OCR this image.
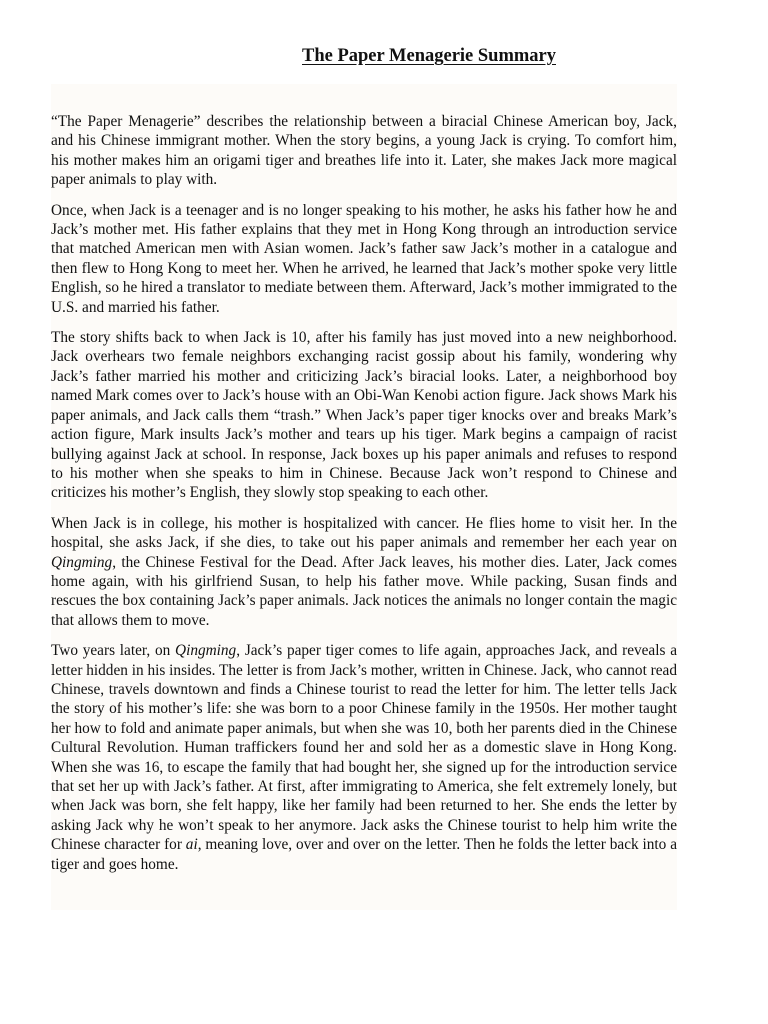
The Paper Menagerie Summary

“The Paper Menagerie” describes the relationship between a biracial Chinese American boy, Jack, and his Chinese immigrant mother. When the story begins, a young Jack is crying. To comfort him, his mother makes him an origami tiger and breathes life into it. Later, she makes Jack more magical paper animals to play with.

Once, when Jack is a teenager and is no longer speaking to his mother, he asks his father how he and Jack’s mother met. His father explains that they met in Hong Kong through an introduction service that matched American men with Asian women. Jack’s father saw Jack’s mother in a catalogue and then flew to Hong Kong to meet her. When he arrived, he learned that Jack’s mother spoke very little English, so he hired a translator to mediate between them. Afterward, Jack’s mother immigrated to the U.S. and married his father.

The story shifts back to when Jack is 10, after his family has just moved into a new neighborhood. Jack overhears two female neighbors exchanging racist gossip about his family, wondering why Jack’s father married his mother and criticizing Jack’s biracial looks. Later, a neighborhood boy named Mark comes over to Jack’s house with an Obi-Wan Kenobi action figure. Jack shows Mark his paper animals, and Jack calls them “trash.” When Jack’s paper tiger knocks over and breaks Mark’s action figure, Mark insults Jack’s mother and tears up his tiger. Mark begins a campaign of racist bullying against Jack at school. In response, Jack boxes up his paper animals and refuses to respond to his mother when she speaks to him in Chinese. Because Jack won’t respond to Chinese and criticizes his mother’s English, they slowly stop speaking to each other.

When Jack is in college, his mother is hospitalized with cancer. He flies home to visit her. In the hospital, she asks Jack, if she dies, to take out his paper animals and remember her each year on Qingming, the Chinese Festival for the Dead. After Jack leaves, his mother dies. Later, Jack comes home again, with his girlfriend Susan, to help his father move. While packing, Susan finds and rescues the box containing Jack’s paper animals. Jack notices the animals no longer contain the magic that allows them to move.

Two years later, on Qingming, Jack’s paper tiger comes to life again, approaches Jack, and reveals a letter hidden in his insides. The letter is from Jack’s mother, written in Chinese. Jack, who cannot read Chinese, travels downtown and finds a Chinese tourist to read the letter for him. The letter tells Jack the story of his mother’s life: she was born to a poor Chinese family in the 1950s. Her mother taught her how to fold and animate paper animals, but when she was 10, both her parents died in the Chinese Cultural Revolution. Human traffickers found her and sold her as a domestic slave in Hong Kong. When she was 16, to escape the family that had bought her, she signed up for the introduction service that set her up with Jack’s father. At first, after immigrating to America, she felt extremely lonely, but when Jack was born, she felt happy, like her family had been returned to her. She ends the letter by asking Jack why he won’t speak to her anymore. Jack asks the Chinese tourist to help him write the Chinese character for ai, meaning love, over and over on the letter. Then he folds the letter back into a tiger and goes home.
